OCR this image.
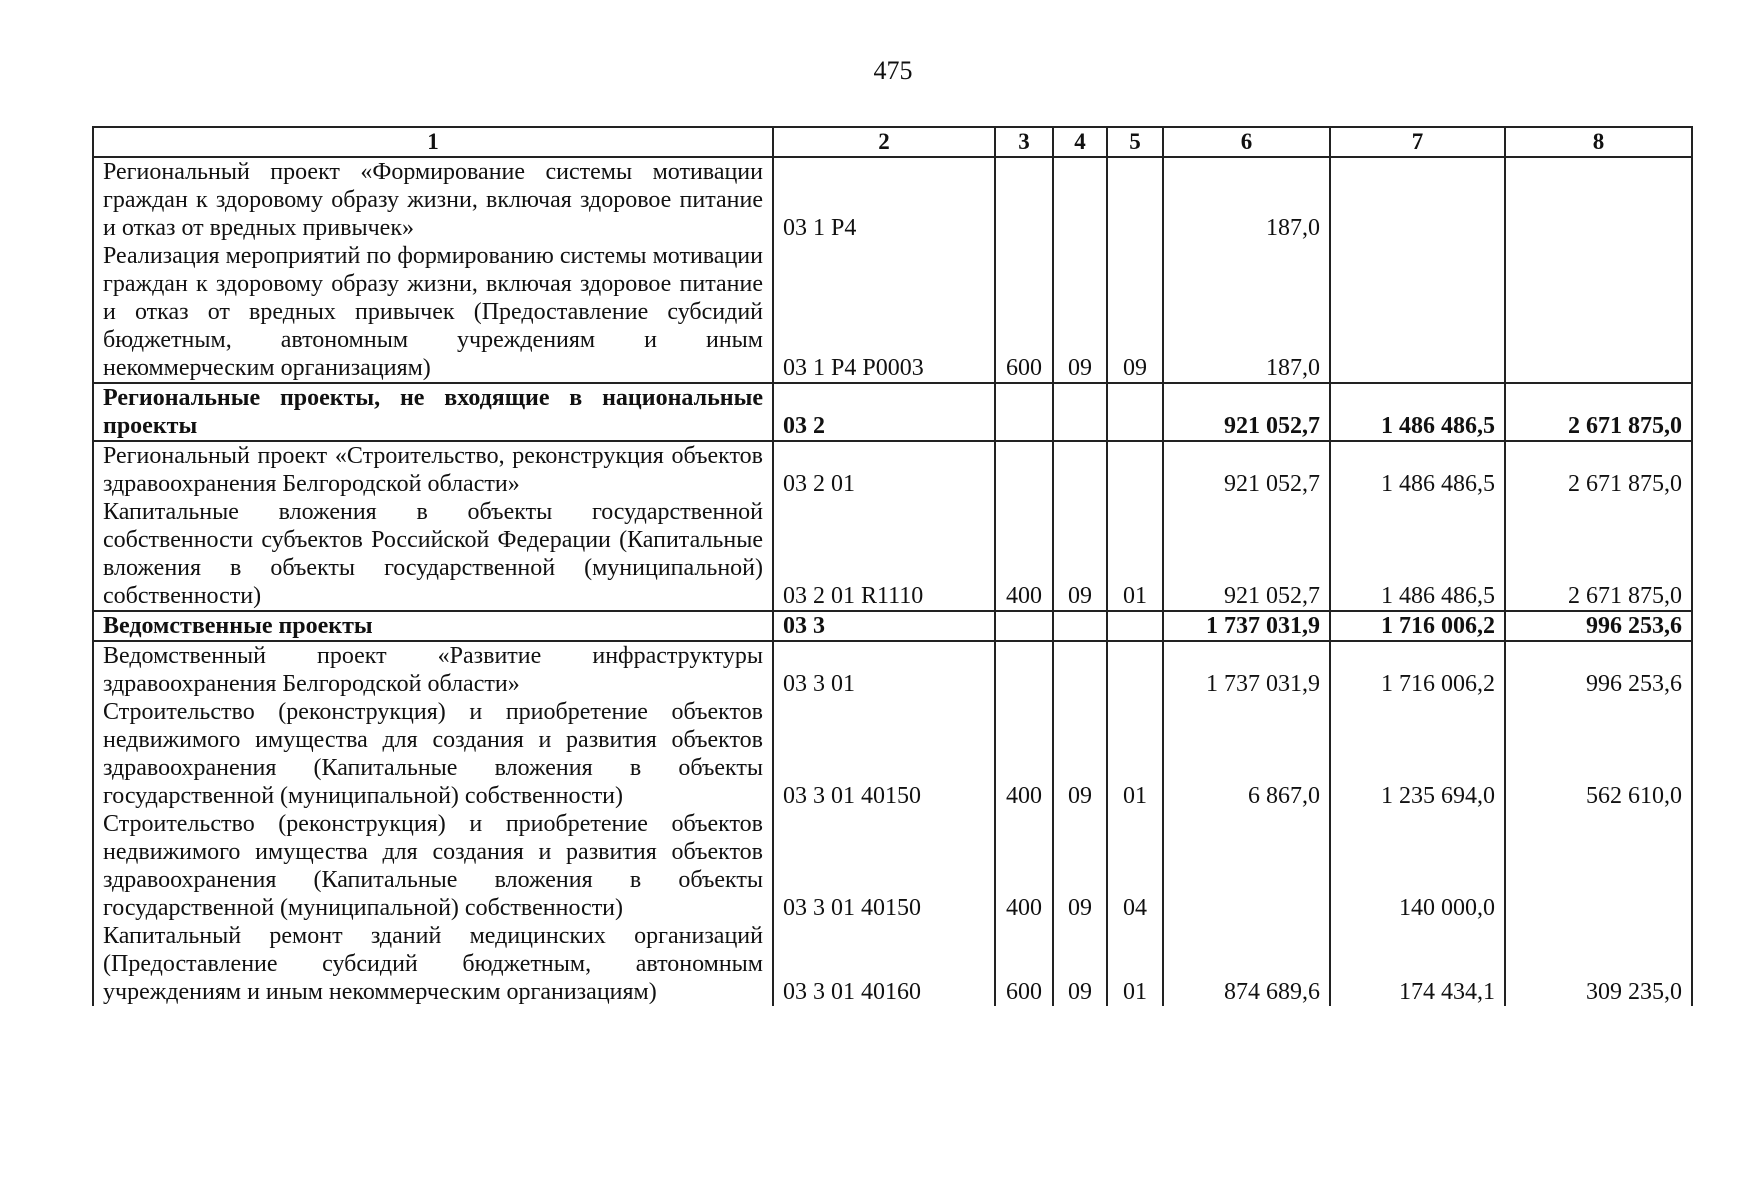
475
1	2	3	4	5	6	7	8
Региональный проект «Формирование системы мотивации граждан к здоровому образу жизни, включая здоровое питание и отказ от вредных привычек»	03 1 P4				187,0		
Реализация мероприятий по формированию системы мотивации граждан к здоровому образу жизни, включая здоровое питание и отказ от вредных привычек (Предоставление субсидий бюджетным, автономным учреждениям и иным некоммерческим организациям)	03 1 P4 P0003	600	09	09	187,0		
Региональные проекты, не входящие в национальные проекты	03 2				921 052,7	1 486 486,5	2 671 875,0
Региональный проект «Строительство, реконструкция объектов здравоохранения Белгородской области»	03 2 01				921 052,7	1 486 486,5	2 671 875,0
Капитальные вложения в объекты государственной собственности субъектов Российской Федерации (Капитальные вложения в объекты государственной (муниципальной) собственности)	03 2 01 R1110	400	09	01	921 052,7	1 486 486,5	2 671 875,0
Ведомственные проекты	03 3				1 737 031,9	1 716 006,2	996 253,6
Ведомственный проект «Развитие инфраструктуры здравоохранения Белгородской области»	03 3 01				1 737 031,9	1 716 006,2	996 253,6
Строительство (реконструкция) и приобретение объектов недвижимого имущества для создания и развития объектов здравоохранения (Капитальные вложения в объекты государственной (муниципальной) собственности)	03 3 01 40150	400	09	01	6 867,0	1 235 694,0	562 610,0
Строительство (реконструкция) и приобретение объектов недвижимого имущества для создания и развития объектов здравоохранения (Капитальные вложения в объекты государственной (муниципальной) собственности)	03 3 01 40150	400	09	04		140 000,0	
Капитальный ремонт зданий медицинских организаций (Предоставление субсидий бюджетным, автономным учреждениям и иным некоммерческим организациям)	03 3 01 40160	600	09	01	874 689,6	174 434,1	309 235,0
